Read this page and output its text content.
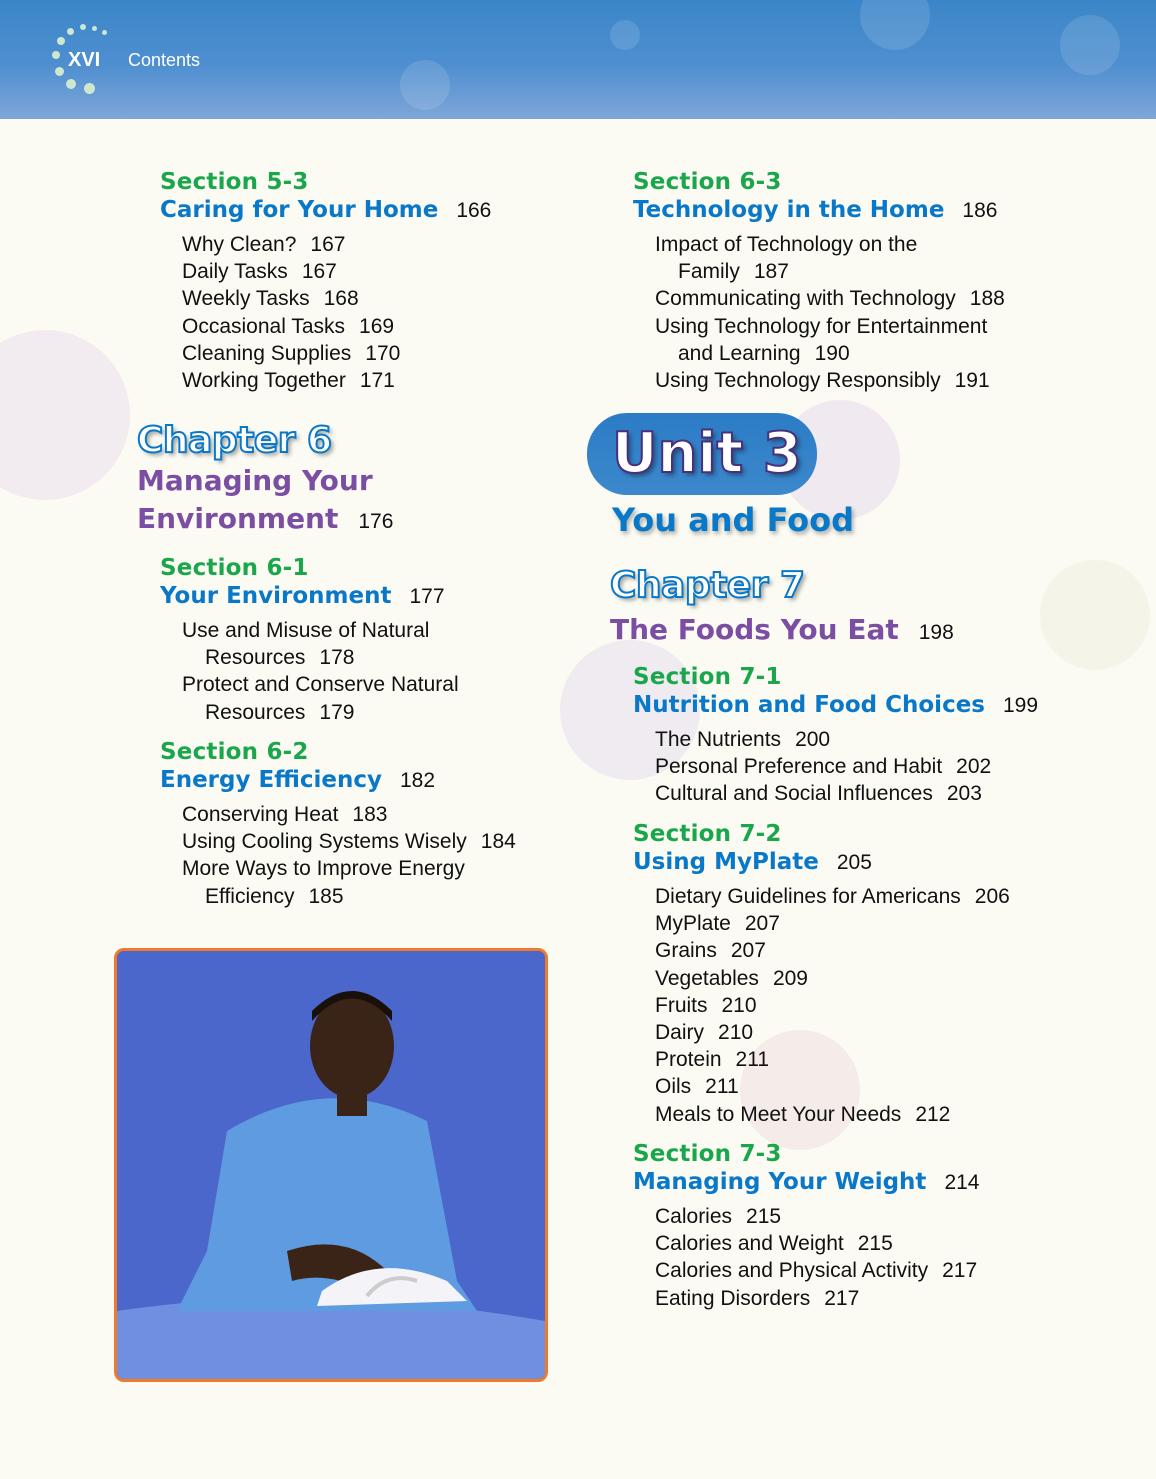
XVI Contents
Section 5-3
Caring for Your Home 166
Why Clean? 167
Daily Tasks 167
Weekly Tasks 168
Occasional Tasks 169
Cleaning Supplies 170
Working Together 171
Chapter 6
Managing Your
Environment 176
Section 6-1
Your Environment 177
Use and Misuse of Natural
Resources 178
Protect and Conserve Natural
Resources 179
Section 6-2
Energy Efficiency 182
Conserving Heat 183
Using Cooling Systems Wisely 184
More Ways to Improve Energy
Efficiency 185
Section 6-3
Technology in the Home 186
Impact of Technology on the
Family 187
Communicating with Technology 188
Using Technology for Entertainment
and Learning 190
Using Technology Responsibly 191
Chapter 7
The Foods You Eat 198
Section 7-1
Nutrition and Food Choices 199
The Nutrients 200
Personal Preference and Habit 202
Cultural and Social Influences 203
Section 7-2
Using MyPlate 205
Dietary Guidelines for Americans 206
MyPlate 207
Grains 207
Vegetables 209
Fruits 210
Dairy 210
Protein 211
Oils 211
Meals to Meet Your Needs 212
Section 7-3
Managing Your Weight 214
Calories 215
Calories and Weight 215
Calories and Physical Activity 217
Eating Disorders 217
Unit 3
You and Food
